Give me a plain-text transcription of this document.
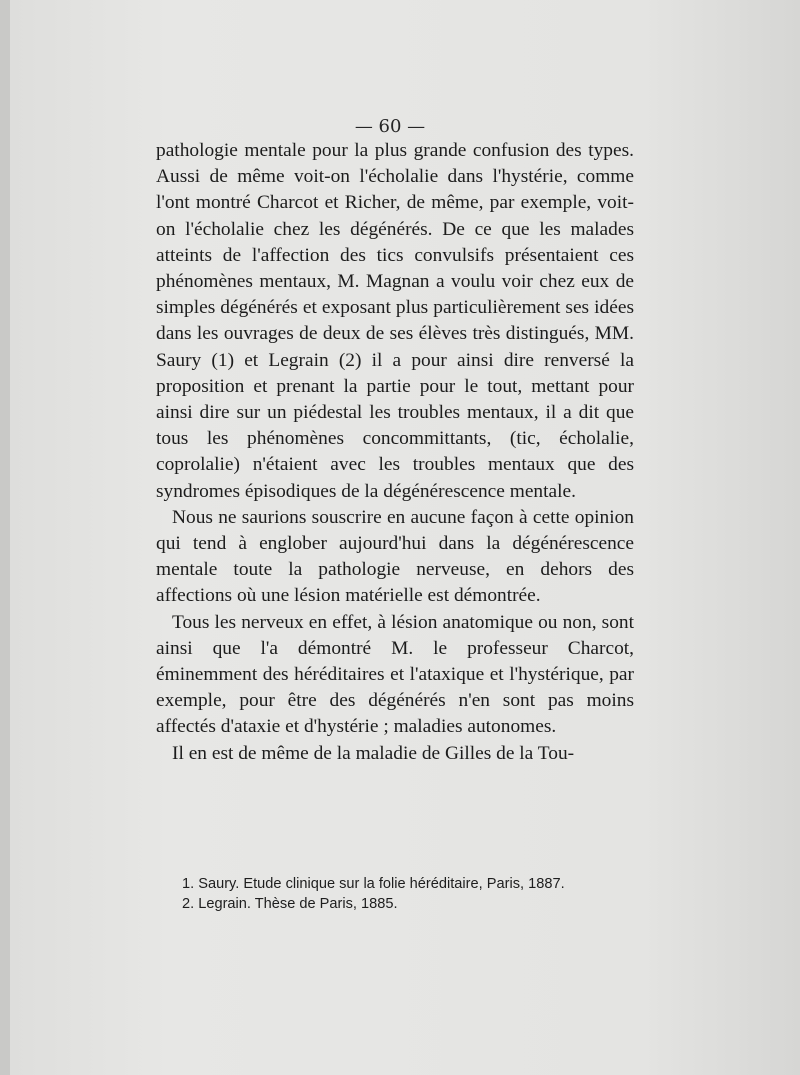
— 60 —

pathologie mentale pour la plus grande confusion des types. Aussi de même voit-on l'écholalie dans l'hystérie, comme l'ont montré Charcot et Richer, de même, par exemple, voit-on l'écholalie chez les dégénérés. De ce que les malades atteints de l'affection des tics convulsifs présentaient ces phénomènes mentaux, M. Magnan a voulu voir chez eux de simples dégénérés et exposant plus particulièrement ses idées dans les ouvrages de deux de ses élèves très distingués, MM. Saury (1) et Legrain (2) il a pour ainsi dire renversé la proposition et prenant la partie pour le tout, mettant pour ainsi dire sur un piédestal les troubles mentaux, il a dit que tous les phénomènes concommittants, (tic, écholalie, coprolalie) n'étaient avec les troubles mentaux que des syndromes épisodiques de la dégénérescence mentale.

Nous ne saurions souscrire en aucune façon à cette opinion qui tend à englober aujourd'hui dans la dégénérescence mentale toute la pathologie nerveuse, en dehors des affections où une lésion matérielle est démontrée.

Tous les nerveux en effet, à lésion anatomique ou non, sont ainsi que l'a démontré M. le professeur Charcot, éminemment des héréditaires et l'ataxique et l'hystérique, par exemple, pour être des dégénérés n'en sont pas moins affectés d'ataxie et d'hystérie ; maladies autonomes.

Il en est de même de la maladie de Gilles de la Tou-

1. Saury. Etude clinique sur la folie héréditaire, Paris, 1887.
2. Legrain. Thèse de Paris, 1885.
